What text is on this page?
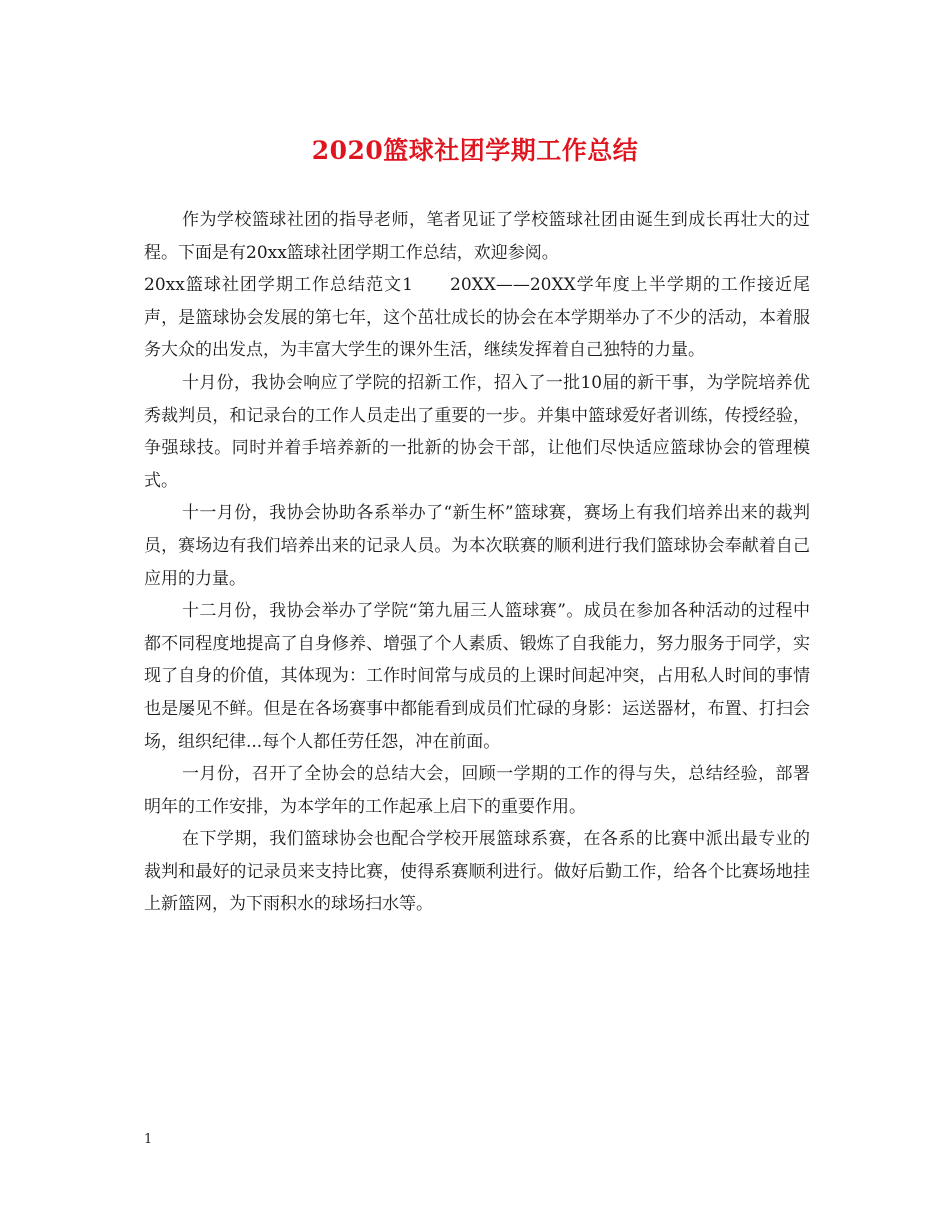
2020篮球社团学期工作总结

作为学校篮球社团的指导老师，笔者见证了学校篮球社团由诞生到成长再壮大的过程。下面是有20xx篮球社团学期工作总结，欢迎参阅。

20xx篮球社团学期工作总结范文1　　20XX——20XX学年度上半学期的工作接近尾声，是篮球协会发展的第七年，这个茁壮成长的协会在本学期举办了不少的活动，本着服务大众的出发点，为丰富大学生的课外生活，继续发挥着自己独特的力量。

十月份，我协会响应了学院的招新工作，招入了一批10届的新干事，为学院培养优秀裁判员，和记录台的工作人员走出了重要的一步。并集中篮球爱好者训练，传授经验，争强球技。同时并着手培养新的一批新的协会干部，让他们尽快适应篮球协会的管理模式。

十一月份，我协会协助各系举办了“新生杯”篮球赛，赛场上有我们培养出来的裁判员，赛场边有我们培养出来的记录人员。为本次联赛的顺利进行我们篮球协会奉献着自己应用的力量。

十二月份，我协会举办了学院“第九届三人篮球赛”。成员在参加各种活动的过程中都不同程度地提高了自身修养、增强了个人素质、锻炼了自我能力，努力服务于同学，实现了自身的价值，其体现为：工作时间常与成员的上课时间起冲突，占用私人时间的事情也是屡见不鲜。但是在各场赛事中都能看到成员们忙碌的身影：运送器材，布置、打扫会场，组织纪律...每个人都任劳任怨，冲在前面。

一月份，召开了全协会的总结大会，回顾一学期的工作的得与失，总结经验，部署明年的工作安排，为本学年的工作起承上启下的重要作用。

在下学期，我们篮球协会也配合学校开展篮球系赛，在各系的比赛中派出最专业的裁判和最好的记录员来支持比赛，使得系赛顺利进行。做好后勤工作，给各个比赛场地挂上新篮网，为下雨积水的球场扫水等。

1
